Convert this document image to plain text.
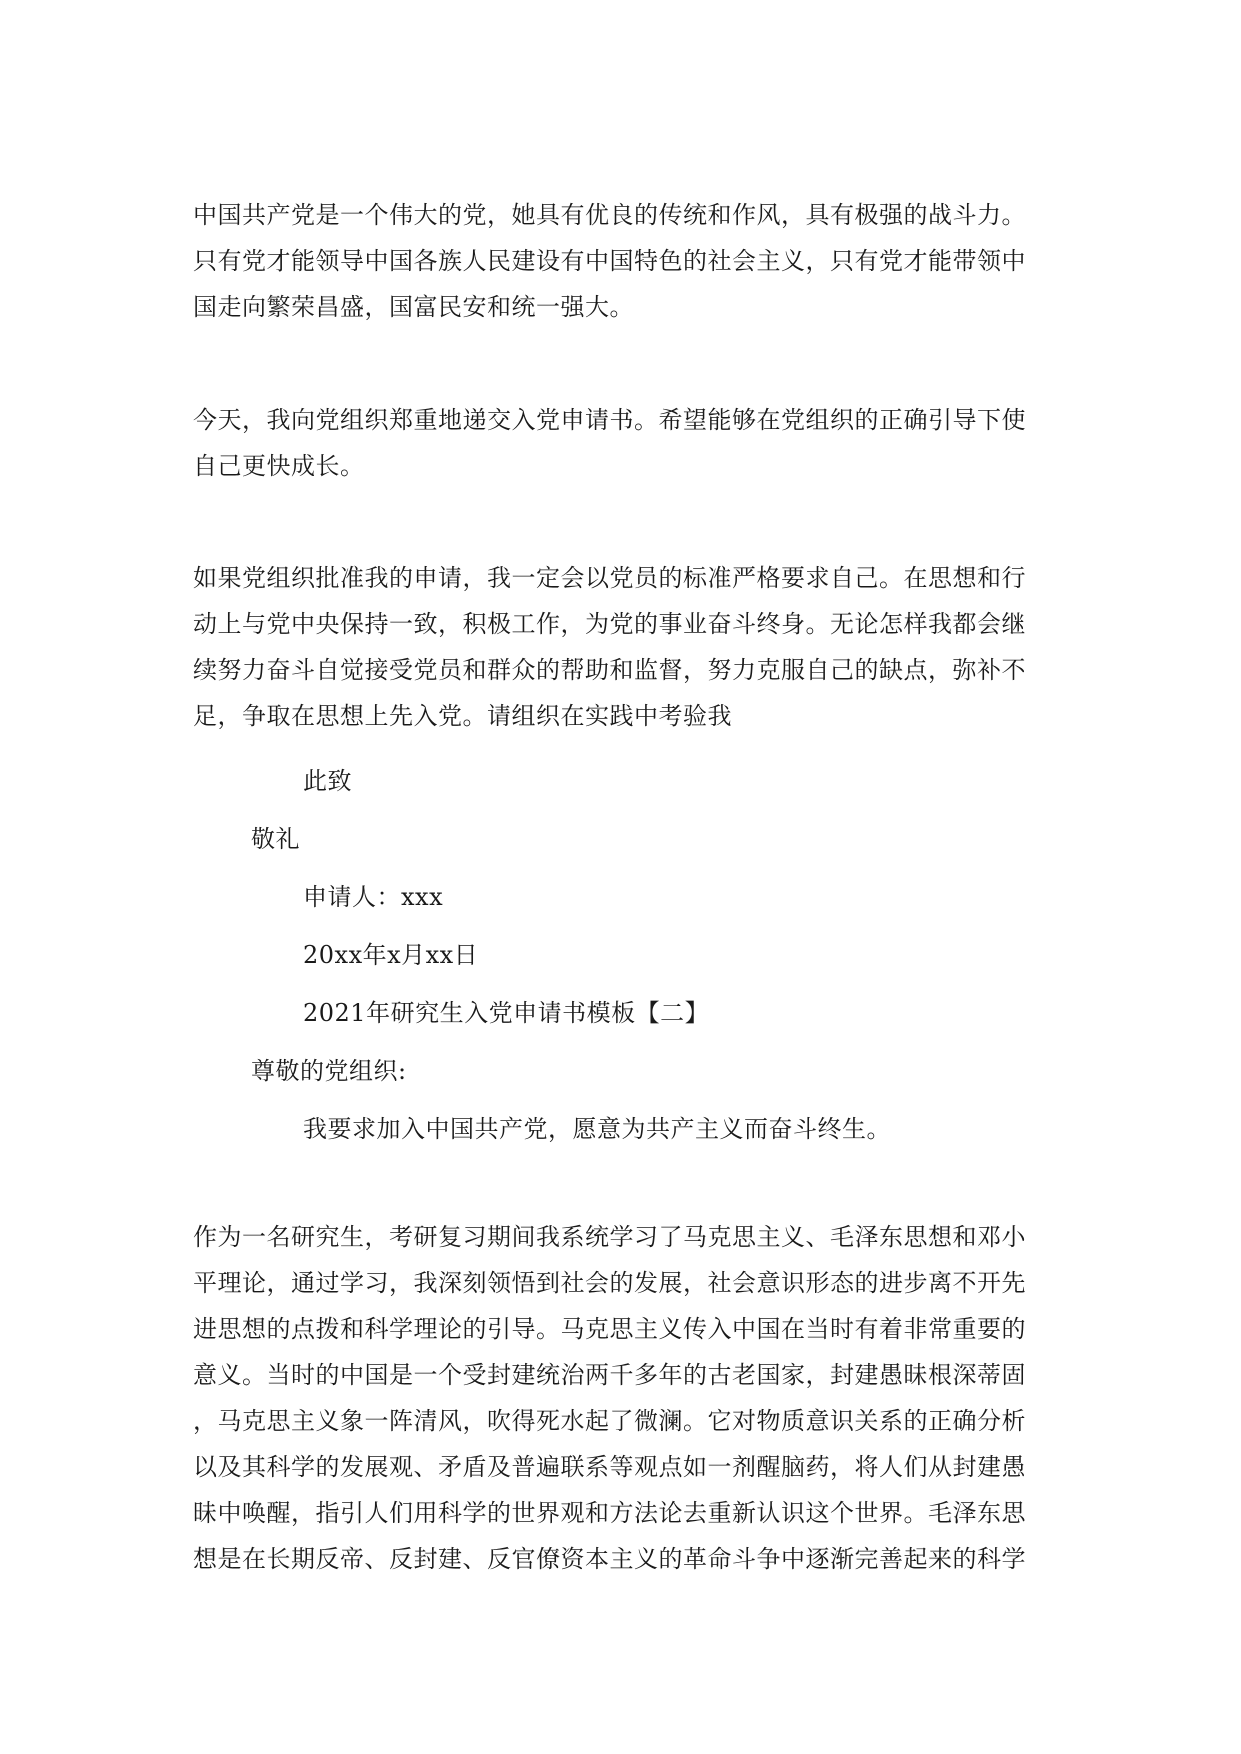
中国共产党是一个伟大的党，她具有优良的传统和作风，具有极强的战斗力。
只有党才能领导中国各族人民建设有中国特色的社会主义，只有党才能带领中
国走向繁荣昌盛，国富民安和统一强大。
今天，我向党组织郑重地递交入党申请书。希望能够在党组织的正确引导下使
自己更快成长。
如果党组织批准我的申请，我一定会以党员的标准严格要求自己。在思想和行
动上与党中央保持一致，积极工作，为党的事业奋斗终身。无论怎样我都会继
续努力奋斗自觉接受党员和群众的帮助和监督，努力克服自己的缺点，弥补不
足，争取在思想上先入党。请组织在实践中考验我
此致
敬礼
申请人：xxx
20xx年x月xx日
2021年研究生入党申请书模板【二】
尊敬的党组织:
我要求加入中国共产党，愿意为共产主义而奋斗终生。
作为一名研究生，考研复习期间我系统学习了马克思主义、毛泽东思想和邓小
平理论，通过学习，我深刻领悟到社会的发展，社会意识形态的进步离不开先
进思想的点拨和科学理论的引导。马克思主义传入中国在当时有着非常重要的
意义。当时的中国是一个受封建统治两千多年的古老国家，封建愚昧根深蒂固
，马克思主义象一阵清风，吹得死水起了微澜。它对物质意识关系的正确分析
以及其科学的发展观、矛盾及普遍联系等观点如一剂醒脑药，将人们从封建愚
昧中唤醒，指引人们用科学的世界观和方法论去重新认识这个世界。毛泽东思
想是在长期反帝、反封建、反官僚资本主义的革命斗争中逐渐完善起来的科学
